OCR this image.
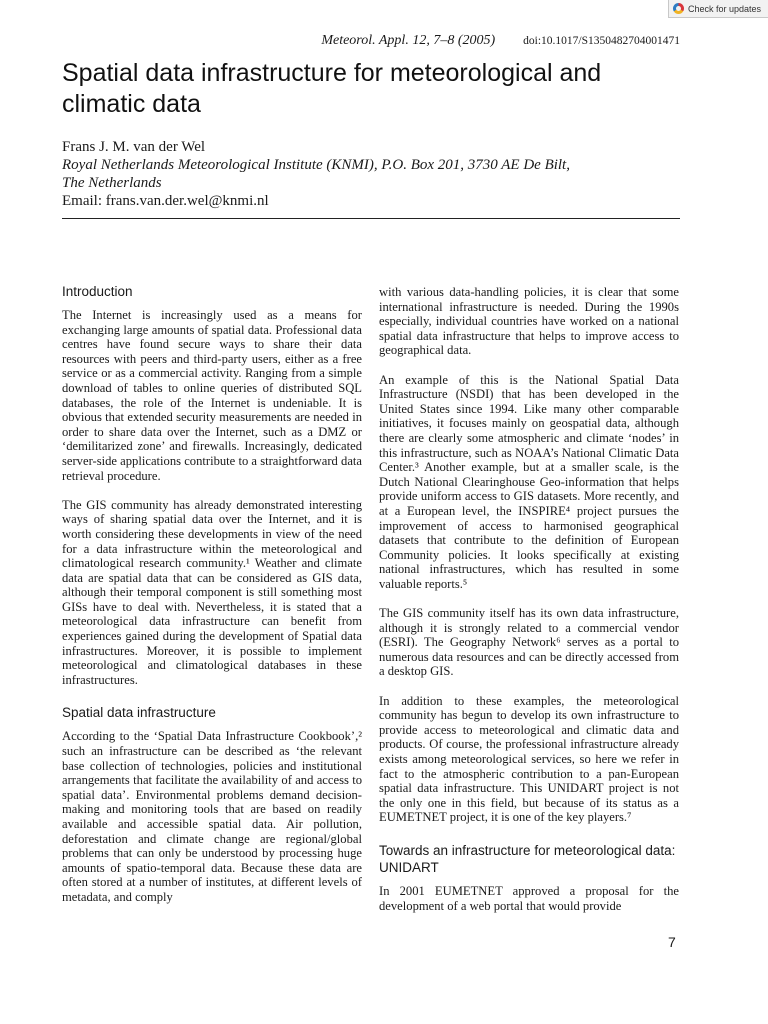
Check for updates
Meteorol. Appl. 12, 7–8 (2005) doi:10.1017/S1350482704001471
Spatial data infrastructure for meteorological and climatic data
Frans J. M. van der Wel
Royal Netherlands Meteorological Institute (KNMI), P.O. Box 201, 3730 AE De Bilt,
The Netherlands
Email: frans.van.der.wel@knmi.nl
Introduction

The Internet is increasingly used as a means for exchanging large amounts of spatial data. Professional data centres have found secure ways to share their data resources with peers and third-party users, either as a free service or as a commercial activity. Ranging from a simple download of tables to online queries of distributed SQL databases, the role of the Internet is undeniable. It is obvious that extended security measurements are needed in order to share data over the Internet, such as a DMZ or ‘demilitarized zone’ and firewalls. Increasingly, dedicated server-side applications contribute to a straightforward data retrieval procedure.

The GIS community has already demonstrated interesting ways of sharing spatial data over the Internet, and it is worth considering these developments in view of the need for a data infrastructure within the meteorological and climatological research community.¹ Weather and climate data are spatial data that can be considered as GIS data, although their temporal component is still something most GISs have to deal with. Nevertheless, it is stated that a meteorological data infrastructure can benefit from experiences gained during the development of Spatial data infrastructures. Moreover, it is possible to implement meteorological and climatological databases in these infrastructures.

Spatial data infrastructure

According to the ‘Spatial Data Infrastructure Cookbook’,² such an infrastructure can be described as ‘the relevant base collection of technologies, policies and institutional arrangements that facilitate the availability of and access to spatial data’. Environmental problems demand decision-making and monitoring tools that are based on readily available and accessible spatial data. Air pollution, deforestation and climate change are regional/global problems that can only be understood by processing huge amounts of spatio-temporal data. Because these data are often stored at a number of institutes, at different levels of metadata, and comply

with various data-handling policies, it is clear that some international infrastructure is needed. During the 1990s especially, individual countries have worked on a national spatial data infrastructure that helps to improve access to geographical data.

An example of this is the National Spatial Data Infrastructure (NSDI) that has been developed in the United States since 1994. Like many other comparable initiatives, it focuses mainly on geospatial data, although there are clearly some atmospheric and climate ‘nodes’ in this infrastructure, such as NOAA’s National Climatic Data Center.³ Another example, but at a smaller scale, is the Dutch National Clearinghouse Geo-information that helps provide uniform access to GIS datasets. More recently, and at a European level, the INSPIRE⁴ project pursues the improvement of access to harmonised geographical datasets that contribute to the definition of European Community policies. It looks specifically at existing national infrastructures, which has resulted in some valuable reports.⁵

The GIS community itself has its own data infrastructure, although it is strongly related to a commercial vendor (ESRI). The Geography Network⁶ serves as a portal to numerous data resources and can be directly accessed from a desktop GIS.

In addition to these examples, the meteorological community has begun to develop its own infrastructure to provide access to meteorological and climatic data and products. Of course, the professional infrastructure already exists among meteorological services, so here we refer in fact to the atmospheric contribution to a pan-European spatial data infrastructure. This UNIDART project is not the only one in this field, but because of its status as a EUMETNET project, it is one of the key players.⁷

Towards an infrastructure for meteorological data: UNIDART

In 2001 EUMETNET approved a proposal for the development of a web portal that would provide

7
